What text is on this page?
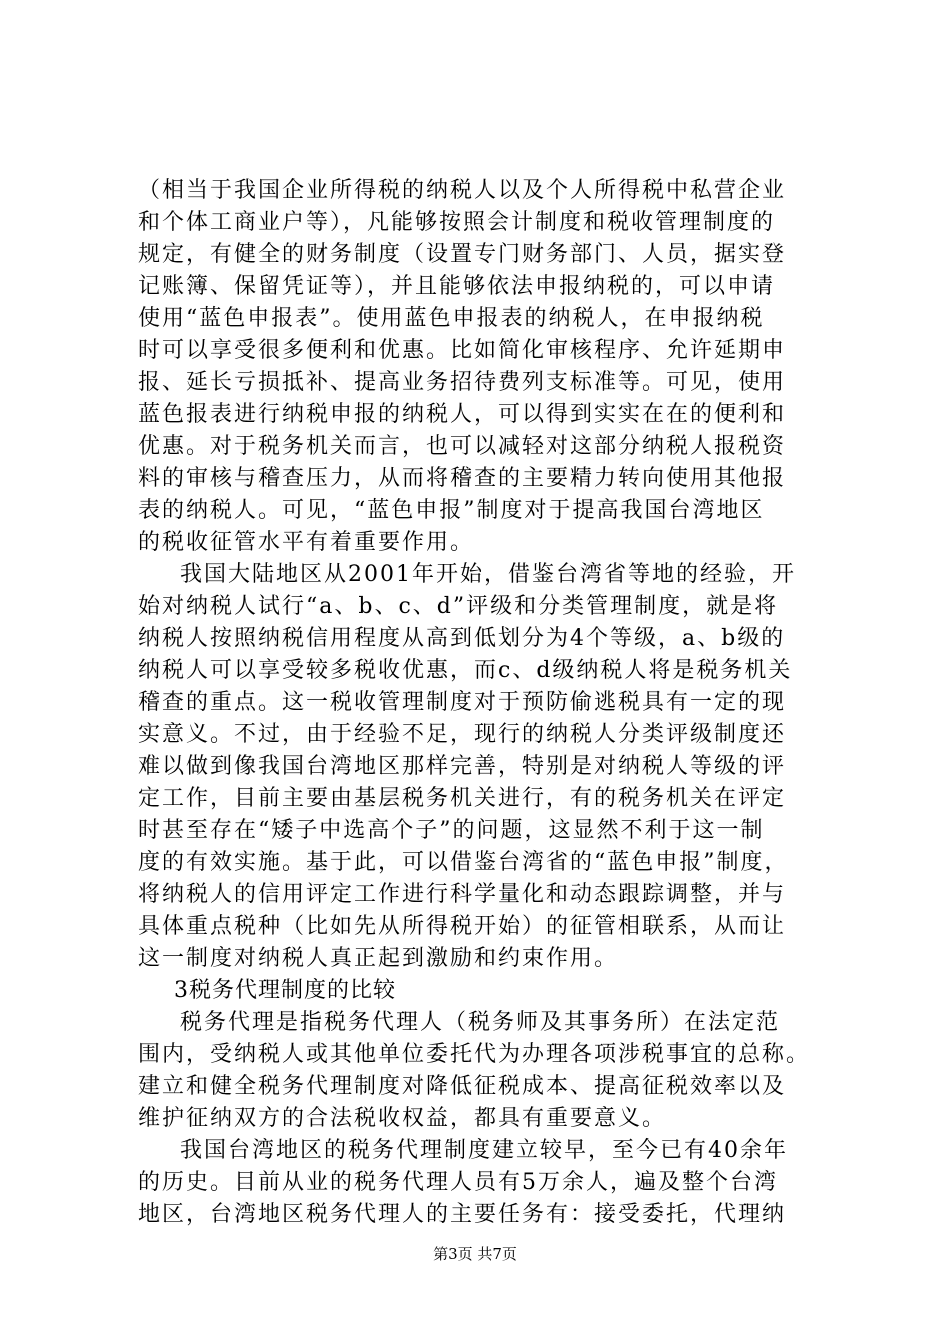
（相当于我国企业所得税的纳税人以及个人所得税中私营企业
和个体工商业户等），凡能够按照会计制度和税收管理制度的
规定，有健全的财务制度（设置专门财务部门、人员，据实登
记账簿、保留凭证等），并且能够依法申报纳税的，可以申请
使用“蓝色申报表”。使用蓝色申报表的纳税人，在申报纳税
时可以享受很多便利和优惠。比如简化审核程序、允许延期申
报、延长亏损抵补、提高业务招待费列支标准等。可见，使用
蓝色报表进行纳税申报的纳税人，可以得到实实在在的便利和
优惠。对于税务机关而言，也可以减轻对这部分纳税人报税资
料的审核与稽查压力，从而将稽查的主要精力转向使用其他报
表的纳税人。可见，“蓝色申报”制度对于提高我国台湾地区
的税收征管水平有着重要作用。
我国大陆地区从2001年开始，借鉴台湾省等地的经验，开
始对纳税人试行“a、b、c、d”评级和分类管理制度，就是将
纳税人按照纳税信用程度从高到低划分为4个等级，a、b级的
纳税人可以享受较多税收优惠，而c、d级纳税人将是税务机关
稽查的重点。这一税收管理制度对于预防偷逃税具有一定的现
实意义。不过，由于经验不足，现行的纳税人分类评级制度还
难以做到像我国台湾地区那样完善，特别是对纳税人等级的评
定工作，目前主要由基层税务机关进行，有的税务机关在评定
时甚至存在“矮子中选高个子”的问题，这显然不利于这一制
度的有效实施。基于此，可以借鉴台湾省的“蓝色申报”制度，
将纳税人的信用评定工作进行科学量化和动态跟踪调整，并与
具体重点税种（比如先从所得税开始）的征管相联系，从而让
这一制度对纳税人真正起到激励和约束作用。
3税务代理制度的比较
税务代理是指税务代理人（税务师及其事务所）在法定范
围内，受纳税人或其他单位委托代为办理各项涉税事宜的总称。
建立和健全税务代理制度对降低征税成本、提高征税效率以及
维护征纳双方的合法税收权益，都具有重要意义。
我国台湾地区的税务代理制度建立较早，至今已有40余年
的历史。目前从业的税务代理人员有5万余人，遍及整个台湾
地区，台湾地区税务代理人的主要任务有：接受委托，代理纳
第3页 共7页
